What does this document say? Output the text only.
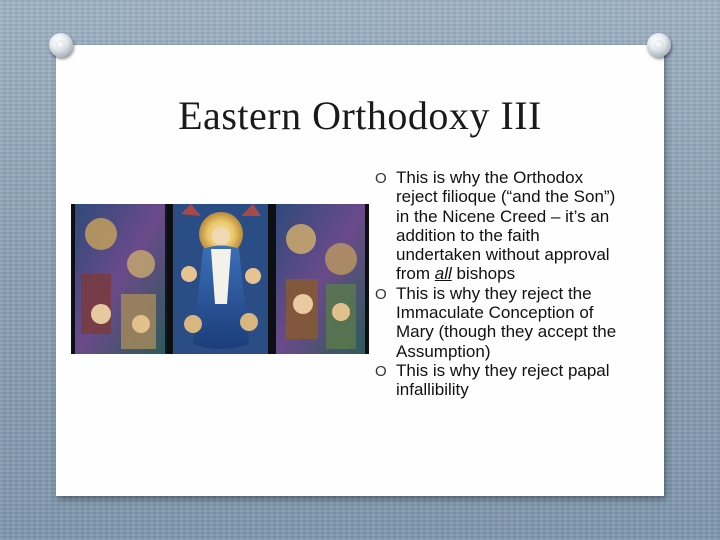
Eastern Orthodoxy III
O This is why the Orthodox reject filioque (“and the Son”) in the Nicene Creed – it’s an addition to the faith undertaken without approval from all bishops
O This is why they reject the Immaculate Conception of Mary (though they accept the Assumption)
O This is why they reject papal infallibility
